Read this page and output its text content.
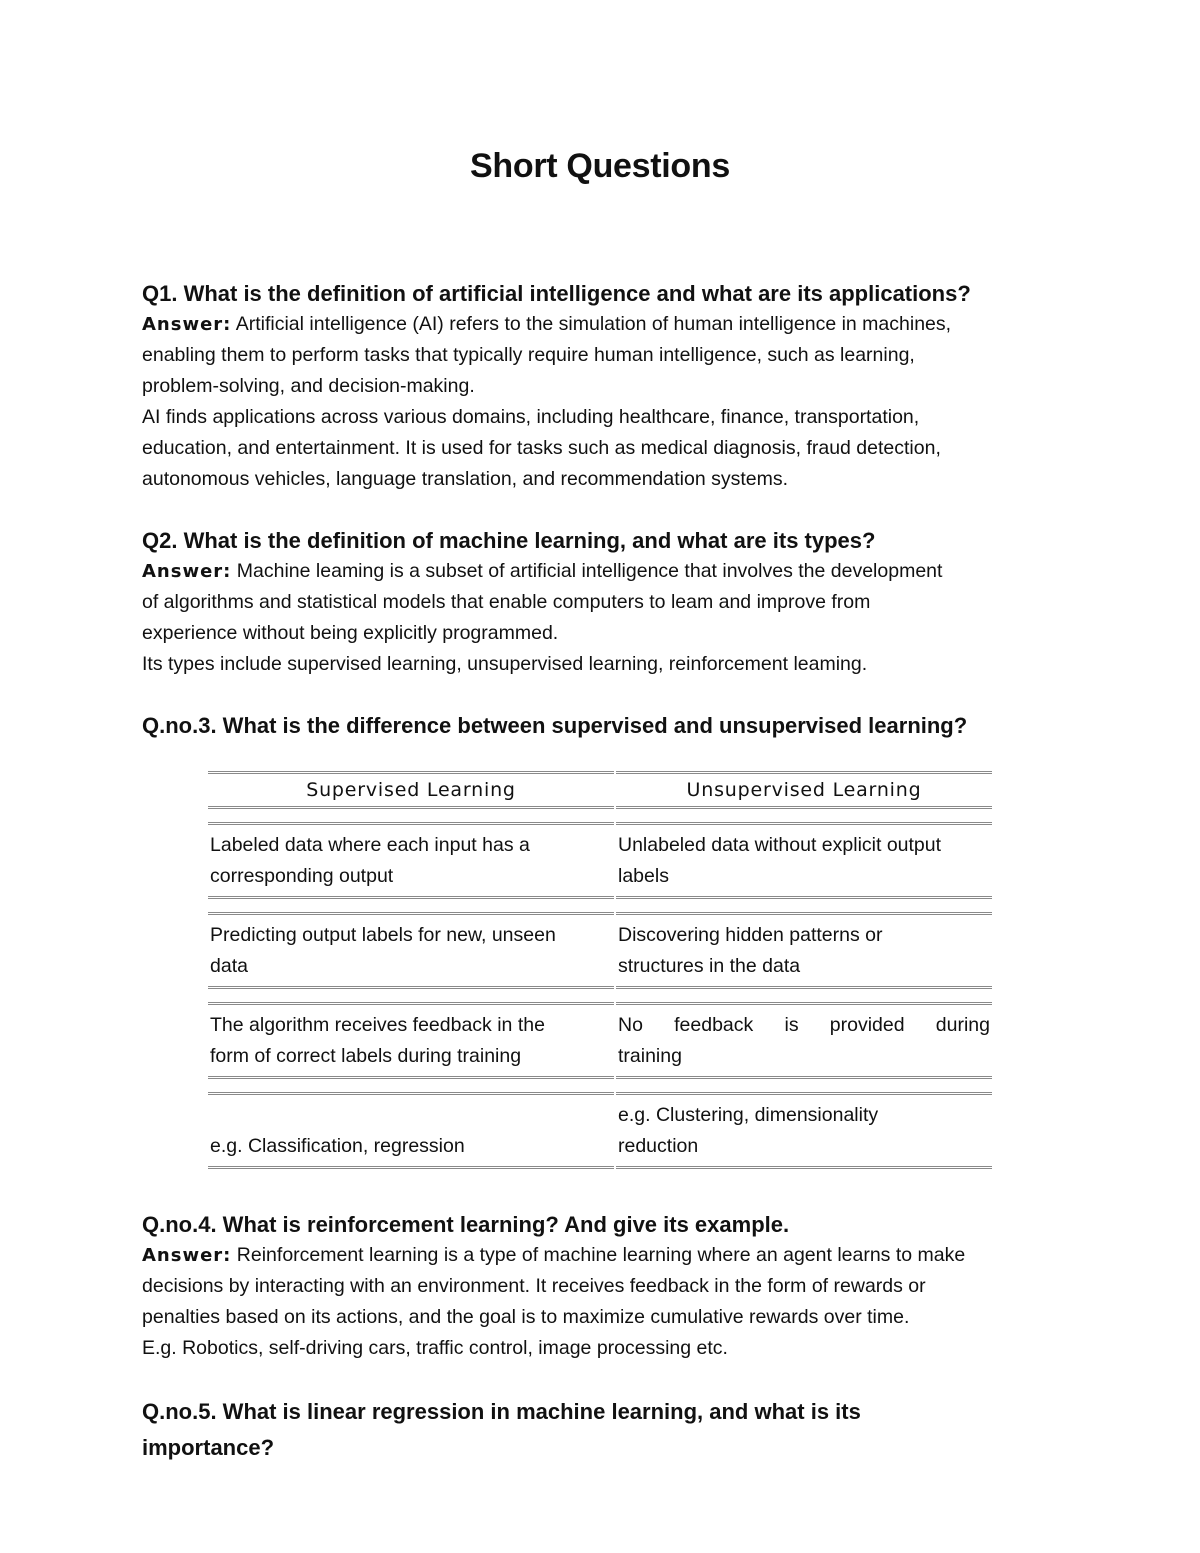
Short Questions

Q1. What is the definition of artificial intelligence and what are its applications?

Answer: Artificial intelligence (AI) refers to the simulation of human intelligence in machines,

enabling them to perform tasks that typically require human intelligence, such as learning,

problem-solving, and decision-making.

AI finds applications across various domains, including healthcare, finance, transportation,

education, and entertainment. It is used for tasks such as medical diagnosis, fraud detection,

autonomous vehicles, language translation, and recommendation systems.

Q2. What is the definition of machine learning, and what are its types?

Answer: Machine leaming is a subset of artificial intelligence that involves the development

of algorithms and statistical models that enable computers to leam and improve from

experience without being explicitly programmed.

Its types include supervised learning, unsupervised learning, reinforcement leaming.

Q.no.3. What is the difference between supervised and unsupervised learning?

Supervised Learning	Unsupervised Learning

Labeled data where each input has a
corresponding output	Unlabeled data without explicit output
labels

Predicting output labels for new, unseen
data	Discovering hidden patterns or
structures in the data

The algorithm receives feedback in the
form of correct labels during training	No feedback is provided during
training

e.g. Classification, regression	e.g. Clustering, dimensionality
reduction

Q.no.4. What is reinforcement learning? And give its example.

Answer: Reinforcement learning is a type of machine learning where an agent learns to make

decisions by interacting with an environment. It receives feedback in the form of rewards or

penalties based on its actions, and the goal is to maximize cumulative rewards over time.

E.g. Robotics, self-driving cars, traffic control, image processing etc.

Q.no.5. What is linear regression in machine learning, and what is its

importance?
